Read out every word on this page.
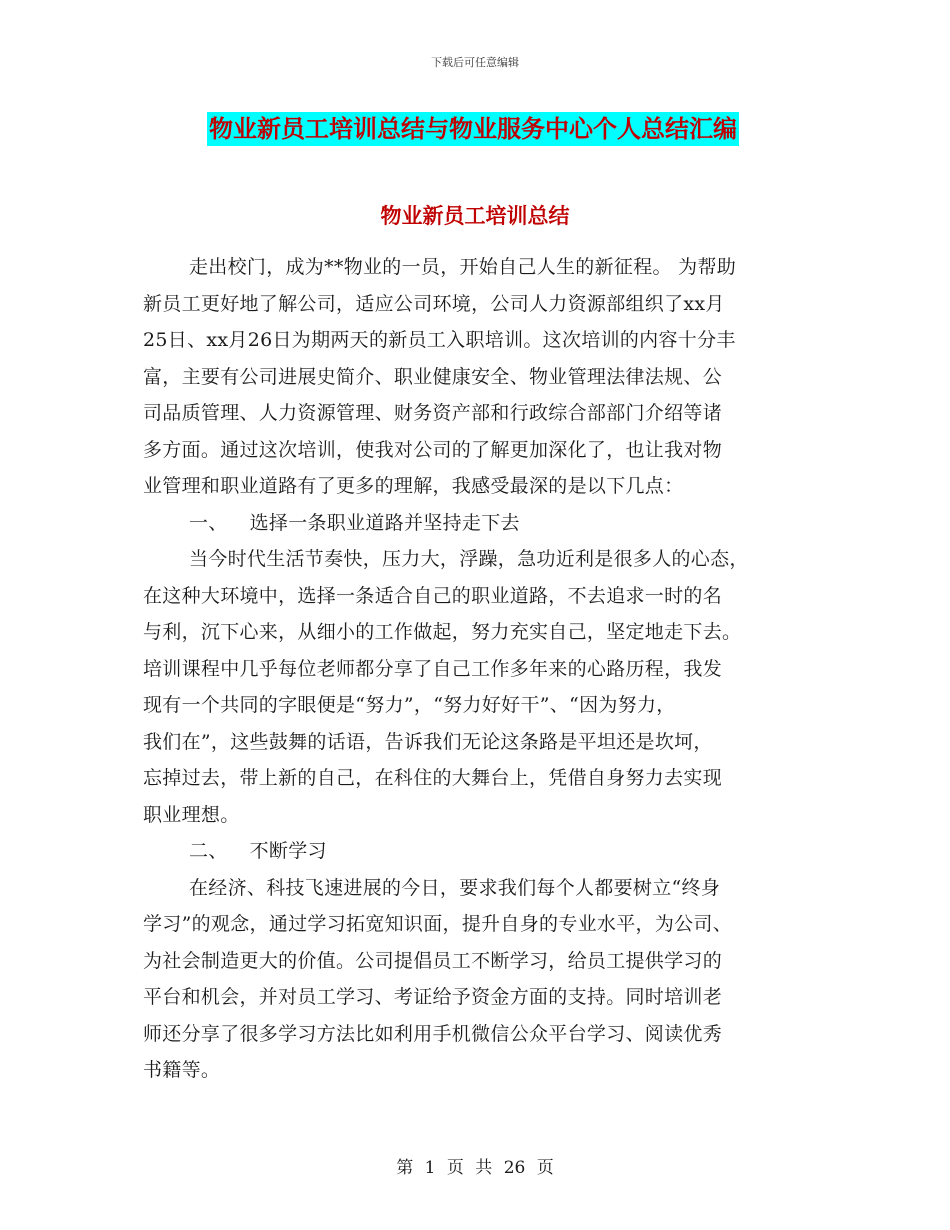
下载后可任意编辑
物业新员工培训总结与物业服务中心个人总结汇编
物业新员工培训总结
走出校门，成为**物业的一员，开始自己人生的新征程。 为帮助
新员工更好地了解公司，适应公司环境，公司人力资源部组织了xx月
25日、xx月26日为期两天的新员工入职培训。这次培训的内容十分丰
富，主要有公司进展史简介、职业健康安全、物业管理法律法规、公
司品质管理、人力资源管理、财务资产部和行政综合部部门介绍等诸
多方面。通过这次培训，使我对公司的了解更加深化了，也让我对物
业管理和职业道路有了更多的理解，我感受最深的是以下几点：
一、 选择一条职业道路并坚持走下去
当今时代生活节奏快，压力大，浮躁，急功近利是很多人的心态，
在这种大环境中，选择一条适合自己的职业道路，不去追求一时的名
与利，沉下心来，从细小的工作做起，努力充实自己，坚定地走下去。
培训课程中几乎每位老师都分享了自己工作多年来的心路历程，我发
现有一个共同的字眼便是“努力”，“努力好好干”、“因为努力，
我们在”，这些鼓舞的话语，告诉我们无论这条路是平坦还是坎坷，
忘掉过去，带上新的自己，在科住的大舞台上，凭借自身努力去实现
职业理想。
二、 不断学习
在经济、科技飞速进展的今日，要求我们每个人都要树立“终身
学习”的观念，通过学习拓宽知识面，提升自身的专业水平，为公司、
为社会制造更大的价值。公司提倡员工不断学习，给员工提供学习的
平台和机会，并对员工学习、考证给予资金方面的支持。同时培训老
师还分享了很多学习方法比如利用手机微信公众平台学习、阅读优秀
书籍等。
第 1 页 共 26 页
